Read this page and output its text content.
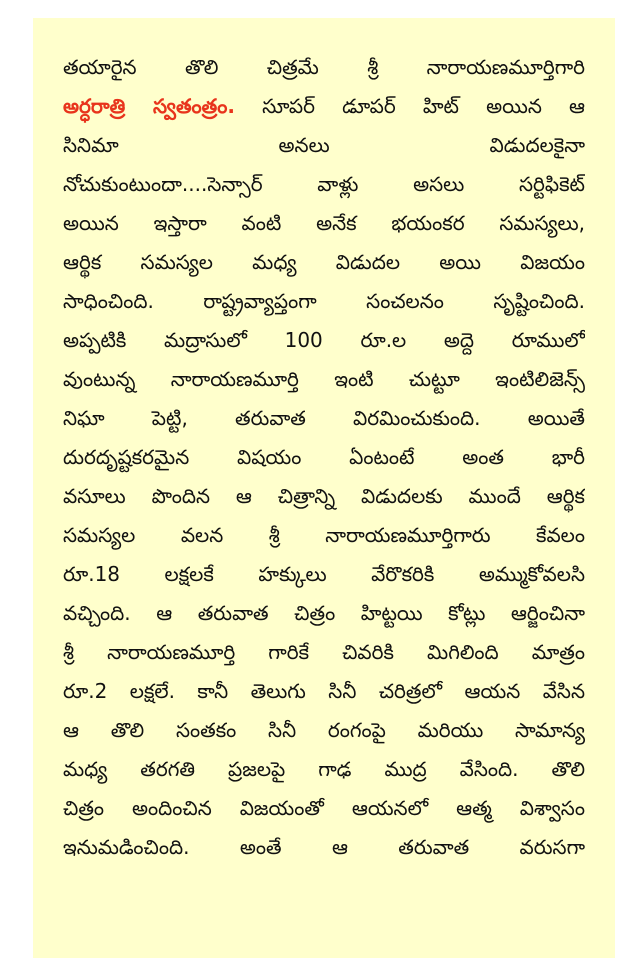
తయారైన తొలి చిత్రమే శ్రీ నారాయణమూర్తిగారి
అర్ధరాత్రి స్వతంత్రం. సూపర్ డూపర్ హిట్ అయిన ఆ
సినిమా అనలు విడుదలకైనా
నోచుకుంటుందా....సెన్సార్ వాళ్లు అసలు సర్టిఫికెట్
అయిన ఇస్తారా వంటి అనేక భయంకర సమస్యలు,
ఆర్థిక సమస్యల మధ్య విడుదల అయి విజయం
సాధించింది. రాష్ట్రవ్యాప్తంగా సంచలనం సృష్టించింది.
అప్పటికి మద్రాసులో 100 రూ.ల అద్దె రూములో
వుంటున్న నారాయణమూర్తి ఇంటి చుట్టూ ఇంటిలిజెన్స్
నిఘా పెట్టి, తరువాత విరమించుకుంది. అయితే
దురదృష్టకరమైన విషయం ఏంటంటే అంత భారీ
వసూలు పొందిన ఆ చిత్రాన్ని విడుదలకు ముందే ఆర్థిక
సమస్యల వలన శ్రీ నారాయణమూర్తిగారు కేవలం
రూ.18 లక్షలకే హక్కులు వేరొకరికి అమ్ముకోవలసి
వచ్చింది. ఆ తరువాత చిత్రం హిట్టయి కోట్లు ఆర్జించినా
శ్రీ నారాయణమూర్తి గారికే చివరికి మిగిలింది మాత్రం
రూ.2 లక్షలే. కానీ తెలుగు సినీ చరిత్రలో ఆయన వేసిన
ఆ తొలి సంతకం సినీ రంగంపై మరియు సామాన్య
మధ్య తరగతి ప్రజలపై గాఢ ముద్ర వేసింది. తొలి
చిత్రం అందించిన విజయంతో ఆయనలో ఆత్మ విశ్వాసం
ఇనుమడించింది. అంతే ఆ తరువాత వరుసగా
